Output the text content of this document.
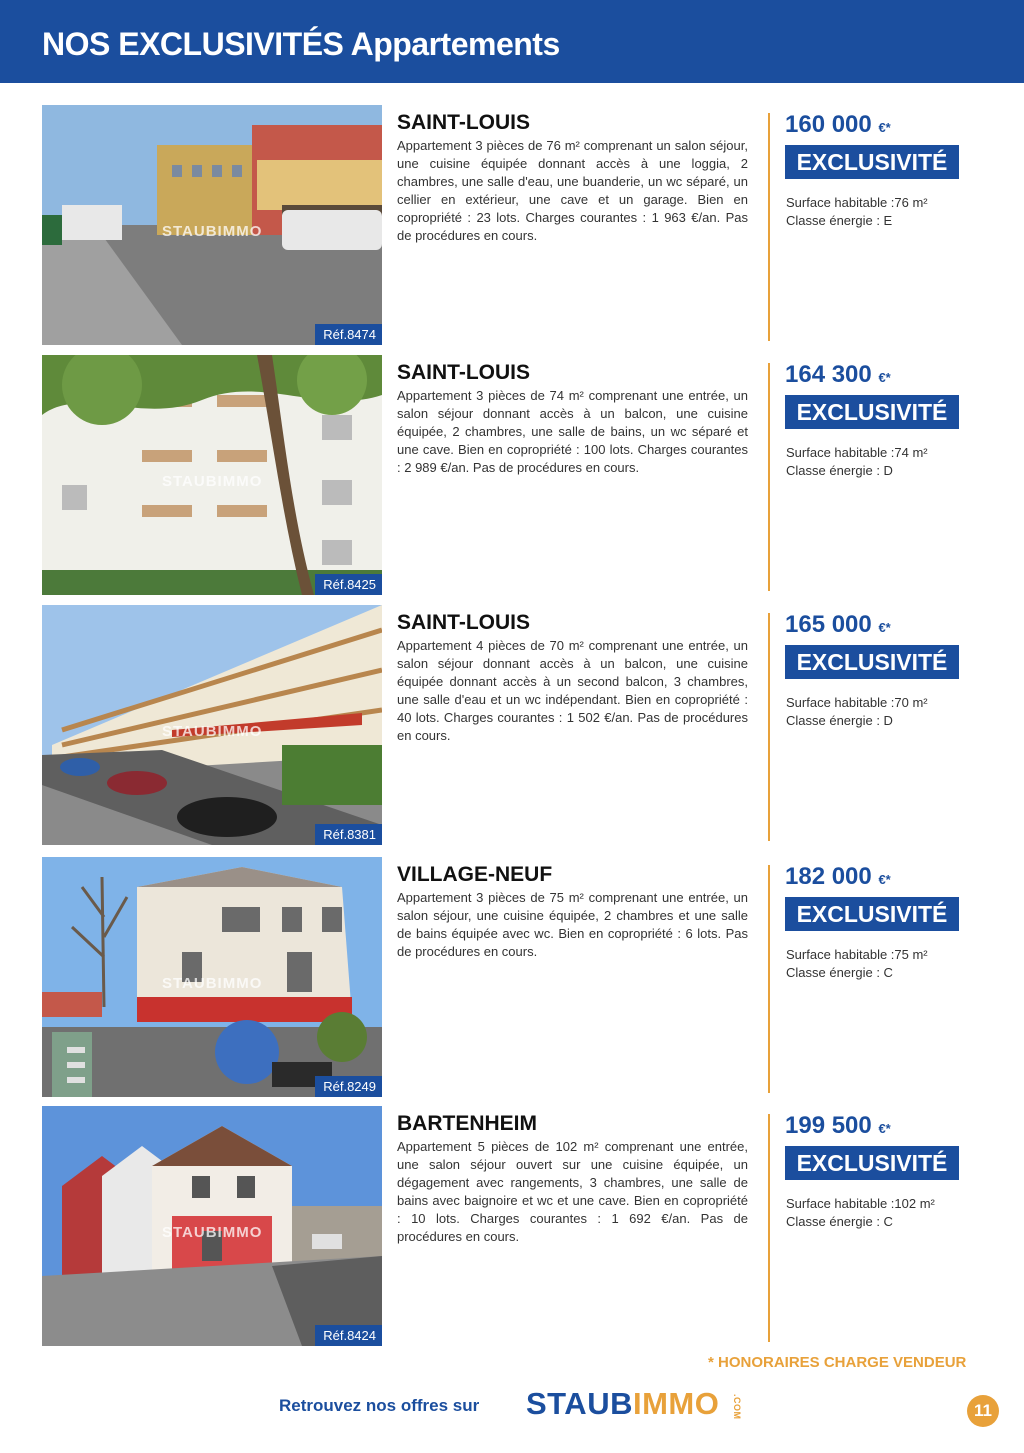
NOS EXCLUSIVITÉS Appartements
STAUBIMMO
Réf.8474
SAINT-LOUIS
Appartement 3 pièces de 76 m² comprenant un salon séjour, une cuisine équipée donnant accès à une loggia, 2 chambres, une salle d'eau, une buanderie, un wc séparé, un cellier en extérieur, une cave et un garage. Bien en copropriété : 23 lots. Charges courantes : 1 963 €/an. Pas de procédures en cours.
160 000 €*
EXCLUSIVITÉ
Surface habitable :76 m²
Classe énergie : E
STAUBIMMO
Réf.8425
SAINT-LOUIS
Appartement 3 pièces de 74 m² comprenant une entrée, un salon séjour donnant accès à un balcon, une cuisine équipée, 2 chambres, une salle de bains, un wc séparé et une cave. Bien en copropriété : 100 lots. Charges courantes : 2 989 €/an. Pas de procédures en cours.
164 300 €*
EXCLUSIVITÉ
Surface habitable :74 m²
Classe énergie : D
STAUBIMMO
Réf.8381
SAINT-LOUIS
Appartement 4 pièces de 70 m² comprenant une entrée, un salon séjour donnant accès à un balcon, une cuisine équipée donnant accès à un second balcon, 3 chambres, une salle d'eau et un wc indépendant. Bien en copropriété : 40 lots. Charges courantes : 1 502 €/an. Pas de procédures en cours.
165 000 €*
EXCLUSIVITÉ
Surface habitable :70 m²
Classe énergie : D
STAUBIMMO
Réf.8249
VILLAGE-NEUF
Appartement 3 pièces de 75 m² comprenant une entrée, un salon séjour, une cuisine équipée, 2 chambres et une salle de bains équipée avec wc. Bien en copropriété : 6 lots. Pas de procédures en cours.
182 000 €*
EXCLUSIVITÉ
Surface habitable :75 m²
Classe énergie : C
STAUBIMMO
Réf.8424
BARTENHEIM
Appartement 5 pièces de 102 m² comprenant une entrée, une salon séjour ouvert sur une cuisine équipée, un dégagement avec rangements, 3 chambres, une salle de bains avec baignoire et wc et une cave. Bien en copropriété : 10 lots. Charges courantes : 1 692 €/an. Pas de procédures en cours.
199 500 €*
EXCLUSIVITÉ
Surface habitable :102 m²
Classe énergie : C
* HONORAIRES CHARGE VENDEUR
Retrouvez nos offres sur STAUBIMMO .COM	11
